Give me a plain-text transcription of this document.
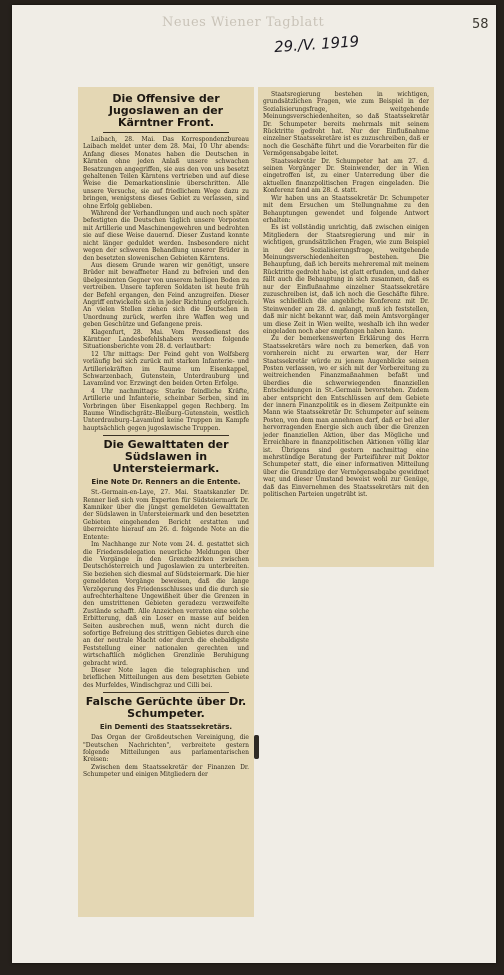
Neues Wiener Tagblatt
29./V. 1919
58
Die Offensive der Jugoslawen an der Kärntner Front.

Laibach, 28. Mai. Das Korrespondenzbureau Laibach meldet unter dem 28. Mai, 10 Uhr abends: Anfang dieses Monates haben die Deutschen in Kärnten ohne jeden Anlaß unsere schwachen Besatzungen angegriffen, sie aus den von uns besetzt gehaltenen Teilen Kärntens vertrieben und auf diese Weise die Demarkationslinie überschritten. Alle unsere Versuche, sie auf friedlichem Wege dazu zu bringen, wenigstens dieses Gebiet zu verlassen, sind ohne Erfolg geblieben.

Während der Verhandlungen und auch noch später befestigten die Deutschen täglich unsere Vorposten mit Artillerie und Maschinengewehren und bedrohten sie auf diese Weise dauernd. Dieser Zustand konnte nicht länger geduldet werden. Insbesondere nicht wegen der schweren Behandlung unserer Brüder in den besetzten slowenischen Gebieten Kärntens.

Aus diesem Grunde waren wir genötigt, unsere Brüder mit bewaffneter Hand zu befreien und den übelgesinnten Gegner von unserem heiligen Boden zu vertreiben. Unsere tapferen Soldaten ist heute früh der Befehl ergangen, den Feind anzugreifen. Dieser Angriff entwickelte sich in jeder Richtung erfolgreich. An vielen Stellen ziehen sich die Deutschen in Unordnung zurück, werfen ihre Waffen weg und geben Geschütze und Gefangene preis.

Klagenfurt, 28. Mai. Vom Pressedienst des Kärntner Landesbefehlshabers werden folgende Situationsberichte vom 28. d. verlautbart:

12 Uhr mittags: Der Feind geht von Wolfsberg vorläufig bei sich zurück mit starken Infanterie- und Artilleriekräften im Raume um Eisenkappel, Schwarzenbach, Gutenstein, Unterdrauburg und Lavamünd vor. Erzwingt den beiden Orten Erfolge.

4 Uhr nachmittags: Starke feindliche Kräfte, Artillerie und Infanterie, scheinbar Serben, sind im Vorbringen über Eisenkappel gegen Rechberg. Im Raume Windischgrätz–Bleiburg–Gutenstein, westlich Unterdrauburg–Lavamünd keine Truppen im Kampfe hauptsächlich gegen jugoslawische Truppen.

Die Gewalttaten der Südslawen in Untersteiermark.
Eine Note Dr. Renners an die Entente.

St.-Germain-en-Laye, 27. Mai. Staatskanzler Dr. Renner ließ sich vom Experten für Südsteiermark Dr. Kamniker über die jüngst gemeldeten Gewalttaten der Südslawen in Untersteiermark und den besetzten Gebieten eingehenden Bericht erstatten und überreichte hierauf am 26. d. folgende Note an die Entente:

Im Nachhange zur Note vom 24. d. gestattet sich die Friedensdelegation neuerliche Meldungen über die Vorgänge in den Grenzbezirken zwischen Deutschösterreich und Jugoslawien zu unterbreiten. Sie beziehen sich diesmal auf Südsteiermark. Die hier gemeldeten Vorgänge beweisen, daß die lange Verzögerung des Friedensschlusses und die durch sie aufrechterhaltene Ungewißheit über die Grenzen in den umstrittenen Gebieten geradezu verzweifelte Zustände schafft. Alle Anzeichen verraten eine solche Erbitterung, daß ein Loser en masse auf beiden Seiten ausbrechen muß, wenn nicht durch die sofortige Befreiung des strittigen Gebietes durch eine an der neutrale Macht oder durch die ehebaldigste Feststellung einer nationalen gerechten und wirtschaftlich möglichen Grenzlinie Beruhigung gebracht wird.

Dieser Note lagen die telegraphischen und brieflichen Mitteilungen aus dem besetzten Gebiete des Murfeldes, Windischgraz und Cilli bei.

Falsche Gerüchte über Dr. Schumpeter.
Ein Dementi des Staatssekretärs.

Das Organ der Großdeutschen Vereinigung, die "Deutschen Nachrichten", verbreitete gestern folgende Mitteilungen aus parlamentarischen Kreisen:

Zwischen dem Staatssekretär der Finanzen Dr. Schumpeter und einigen Mitgliedern der

Staatsregierung bestehen in wichtigen, grundsätzlichen Fragen, wie zum Beispiel in der Sozialisierungsfrage, weitgehende Meinungsverschiedenheiten, so daß Staatssekretär Dr. Schumpeter bereits mehrmals mit seinem Rücktritte gedroht hat. Nur der Einflußnahme einzelner Staatssekretäre ist es zuzuschreiben, daß er noch die Geschäfte führt und die Vorarbeiten für die Vermögensabgabe leitet.

Staatssekretär Dr. Schumpeter hat am 27. d. seinen Vorgänger Dr. Steinwender, der in Wien eingetroffen ist, zu einer Unterredung über die aktuellen finanzpolitischen Fragen eingeladen. Die Konferenz fand am 28. d. statt.

Wir haben uns an Staatssekretär Dr. Schumpeter mit dem Ersuchen um Stellungnahme zu den Behauptungen gewendet und folgende Antwort erhalten:

Es ist vollständig unrichtig, daß zwischen einigen Mitgliedern der Staatsregierung und mir in wichtigen, grundsätzlichen Fragen, wie zum Beispiel in der Sozialisierungsfrage, weitgehende Meinungsverschiedenheiten bestehen. Die Behauptung, daß ich bereits mehreremal mit meinem Rücktritte gedroht habe, ist glatt erfunden, und daher fällt auch die Behauptung in sich zusammen, daß es nur der Einflußnahme einzelner Staatssekretäre zuzuschreiben ist, daß ich noch die Geschäfte führe. Was schließlich die angebliche Konferenz mit Dr. Steinwender am 28. d. anlangt, muß ich feststellen, daß mir nicht bekannt war, daß mein Amtsvorgänger um diese Zeit in Wien weilte, weshalb ich ihn weder eingeladen noch aber empfangen haben kann.

Zu der bemerkenswerten Erklärung des Herrn Staatssekretärs wäre noch zu bemerken, daß von vornherein nicht zu erwarten war, der Herr Staatssekretär würde zu jenem Augenblicke seinen Posten verlassen, wo er sich mit der Vorbereitung zu weitreichenden Finanzmaßnahmen befaßt und überdies die schwerwiegenden finanziellen Entscheidungen in St.-Germain bevorstehen. Zudem aber entspricht den Entschlüssen auf dem Gebiete der innern Finanzpolitik es in diesem Zeitpunkte ein Mann wie Staatssekretär Dr. Schumpeter auf seinem Posten, von dem man annehmen darf, daß er bei aller hervorragenden Energie sich auch über die Grenzen jeder finanziellen Aktion, über das Mögliche und Erreichbare in finanzpolitischen Aktionen völlig klar ist. Übrigens sind gestern nachmittag eine mehrstündige Beratung der Parteiführer mit Doktor Schumpeter statt, die einer informativen Mitteilung über die Grundzüge der Vermögensabgabe gewidmet war, und dieser Umstand beweist wohl zur Genüge, daß das Einvernehmen des Staatssekretärs mit den politischen Parteien ungetrübt ist.
